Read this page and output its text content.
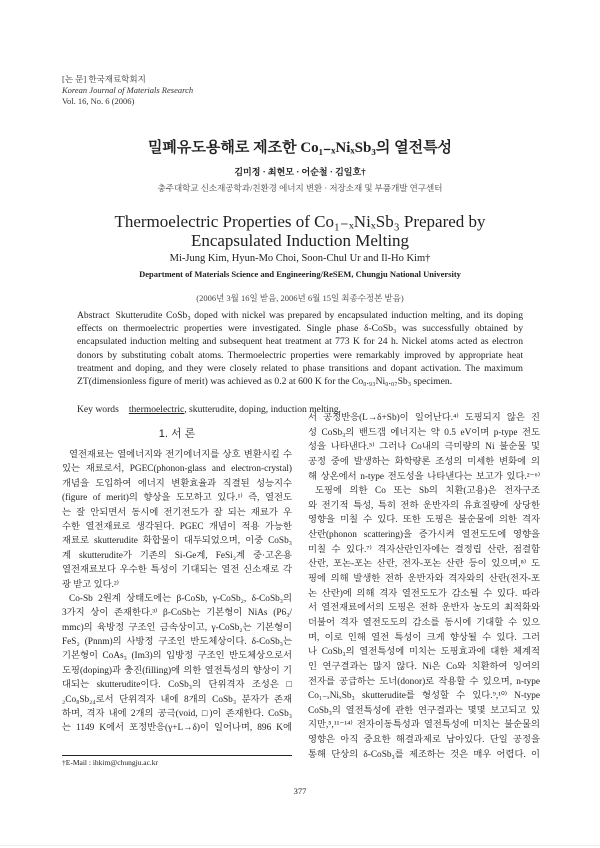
[논 문] 한국재료학회지
Korean Journal of Materials Research
Vol. 16, No. 6 (2006)
밀폐유도용해로 제조한 Co₁₋ₓNiₓSb₃의 열전특성
김미정 · 최현모 · 어순철 · 김일호†
충주대학교 신소재공학과/친환경 에너지 변환 · 저장소재 및 부품개발 연구센터
Thermoelectric Properties of Co₁₋ₓNiₓSb₃ Prepared by
Encapsulated Induction Melting
Mi-Jung Kim, Hyun-Mo Choi, Soon-Chul Ur and Il-Ho Kim†
Department of Materials Science and Engineering/ReSEM, Chungju National University
(2006년 3월 16일 받음, 2006년 6월 15일 최종수정본 받음)
Abstract Skutterudite CoSb₃ doped with nickel was prepared by encapsulated induction melting, and its doping effects on thermoelectric properties were investigated. Single phase δ-CoSb₃ was successfully obtained by encapsulated induction melting and subsequent heat treatment at 773 K for 24 h. Nickel atoms acted as electron donors by substituting cobalt atoms. Thermoelectric properties were remarkably improved by appropriate heat treatment and doping, and they were closely related to phase transitions and dopant activation. The maximum ZT(dimensionless figure of merit) was achieved as 0.2 at 600 K for the Co₀.₉₃Ni₀.₀₇Sb₃ specimen.
Key words thermoelectric, skutterudite, doping, induction melting.
1. 서 론
열전재료는 열에너지와 전기에너지를 상호 변환시킬 수
있는 재료로서, PGEC(phonon-glass and electron-crystal)
개념을 도입하여 에너지 변환효율과 직결된 성능지수
(figure of merit)의 향상을 도모하고 있다.¹⁾ 즉, 열전도
는 잘 안되면서 동시에 전기전도가 잘 되는 재료가 우
수한 열전재료로 생각된다. PGEC 개념이 적용 가능한
재료로 skutterudite 화합물이 대두되었으며, 이중 CoSb₃
계 skutterudite가 기존의 Si-Ge계, FeSi₂계 중·고온용
열전재료보다 우수한 특성이 기대되는 열전 신소재로 각
광 받고 있다.²⁾
Co-Sb 2원계 상태도에는 β-CoSb, γ-CoSb₂, δ-CoSb₃의
3가지 상이 존재한다.³⁾ β-CoSb는 기본형이 NiAs (P6₃/
mmc)의 육방정 구조인 금속상이고, γ-CoSb₂는 기본형이
FeS₂ (Pnnm)의 사방정 구조인 반도체상이다. δ-CoSb₃는
기본형이 CoAs₃ (Im3)의 입방정 구조인 반도체상으로서
도핑(doping)과 충진(filling)에 의한 열전특성의 향상이 기
대되는 skutterudite이다. CoSb₃의 단위격자 조성은 □
₂Co₈Sb₂₄로서 단위격자 내에 8개의 CoSb₃ 분자가 존재
하며, 격자 내에 2개의 공극(void, □)이 존재한다. CoSb₃
는 1149 K에서 포정반응(γ+L→δ)이 일어나며, 896 K에
서 공정반응(L→δ+Sb)이 일어난다.⁴⁾ 도핑되지 않은 진
성 CoSb₃의 밴드갭 에너지는 약 0.5 eV이며 p-type 전도
성을 나타낸다.⁵⁾ 그러나 Co내의 극미량의 Ni 불순물 및
공정 중에 발생하는 화학량론 조성의 미세한 변화에 의
해 상온에서 n-type 전도성을 나타낸다는 보고가 있다.²⁻⁶⁾
도핑에 의한 Co 또는 Sb의 치환(고용)은 전자구조
와 전기적 특성, 특히 전하 운반자의 유효질량에 상당한
영향을 미칠 수 있다. 또한 도핑은 불순물에 의한 격자
산란(phonon scattering)을 증가시켜 열전도도에 영향을
미칠 수 있다.⁷⁾ 격자산란인자에는 결정립 산란, 점결함
산란, 포논-포논 산란, 전자-포논 산란 등이 있으며,⁸⁾ 도
핑에 의해 발생한 전하 운반자와 격자와의 산란(전자-포
논 산란)에 의해 격자 열전도도가 감소될 수 있다. 따라
서 열전재료에서의 도핑은 전하 운반자 농도의 최적화와
더불어 격자 열전도도의 감소를 동시에 기대할 수 있으
며, 이로 인해 열전 특성이 크게 향상될 수 있다. 그러
나 CoSb₃의 열전특성에 미치는 도핑효과에 대한 체계적
인 연구결과는 많지 않다. Ni은 Co와 치환하여 잉여의
전자를 공급하는 도너(donor)로 작용할 수 있으며, n-type
Co₁₋ₓNiₓSb₃ skutterudite를 형성할 수 있다.⁹,¹⁰⁾ N-type
CoSb₃의 열전특성에 관한 연구결과는 몇몇 보고되고 있
지만,⁵,¹¹⁻¹⁴⁾ 전자이동특성과 열전특성에 미치는 불순물의
영향은 아직 중요한 해결과제로 남아있다. 단일 공정을
통해 단상의 δ-CoSb₃를 제조하는 것은 매우 어렵다. 이
†E-Mail : ihkim@chungju.ac.kr
377
